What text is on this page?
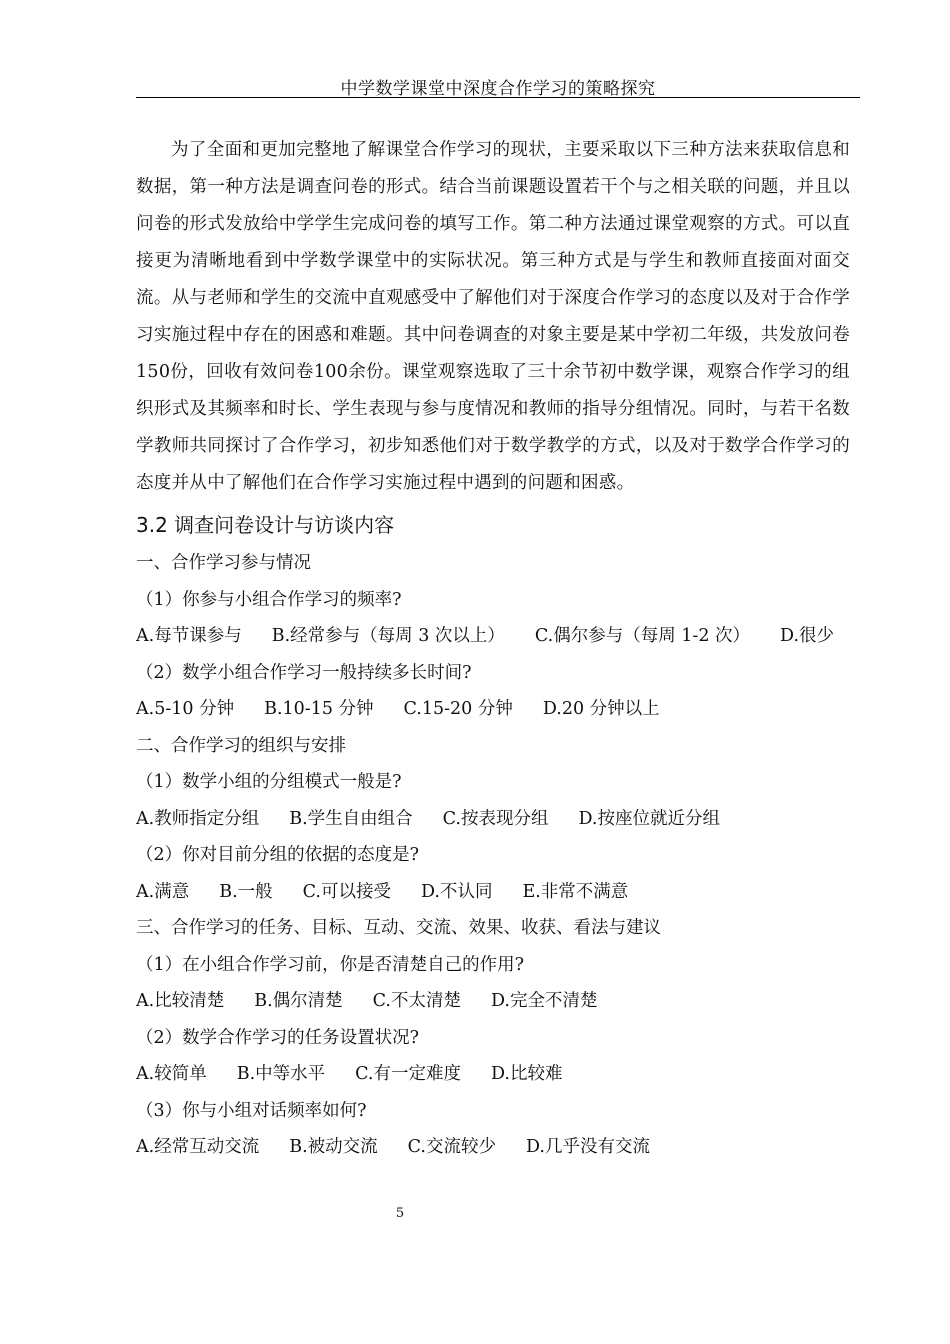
中学数学课堂中深度合作学习的策略探究

为了全面和更加完整地了解课堂合作学习的现状，主要采取以下三种方法来获取信息和数据，第一种方法是调查问卷的形式。结合当前课题设置若干个与之相关联的问题，并且以问卷的形式发放给中学学生完成问卷的填写工作。第二种方法通过课堂观察的方式。可以直接更为清晰地看到中学数学课堂中的实际状况。第三种方式是与学生和教师直接面对面交流。从与老师和学生的交流中直观感受中了解他们对于深度合作学习的态度以及对于合作学习实施过程中存在的困惑和难题。其中问卷调查的对象主要是某中学初二年级，共发放问卷150份，回收有效问卷100余份。课堂观察选取了三十余节初中数学课，观察合作学习的组织形式及其频率和时长、学生表现与参与度情况和教师的指导分组情况。同时，与若干名数学教师共同探讨了合作学习，初步知悉他们对于数学教学的方式，以及对于数学合作学习的态度并从中了解他们在合作学习实施过程中遇到的问题和困惑。

3.2 调查问卷设计与访谈内容
一、合作学习参与情况
（1）你参与小组合作学习的频率?
A.每节课参与 B.经常参与（每周 3 次以上） C.偶尔参与（每周 1-2 次） D.很少
（2）数学小组合作学习一般持续多长时间?
A.5-10 分钟 B.10-15 分钟 C.15-20 分钟 D.20 分钟以上
二、合作学习的组织与安排
（1）数学小组的分组模式一般是?
A.教师指定分组 B.学生自由组合 C.按表现分组 D.按座位就近分组
（2）你对目前分组的依据的态度是?
A.满意 B.一般 C.可以接受 D.不认同 E.非常不满意
三、合作学习的任务、目标、互动、交流、效果、收获、看法与建议
（1）在小组合作学习前，你是否清楚自己的作用?
A.比较清楚 B.偶尔清楚 C.不太清楚 D.完全不清楚
（2）数学合作学习的任务设置状况?
A.较简单 B.中等水平 C.有一定难度 D.比较难
（3）你与小组对话频率如何?
A.经常互动交流 B.被动交流 C.交流较少 D.几乎没有交流
5
